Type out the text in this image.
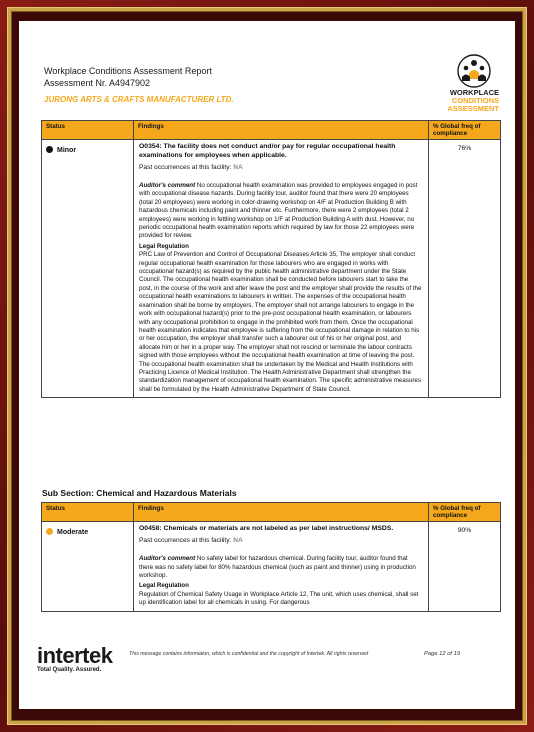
Workplace Conditions Assessment Report
Assessment Nr. A4947902
JURONG ARTS & CRAFTS MANUFACTURER LTD.
WORKPLACE
CONDITIONS
ASSESSMENT
Status	Findings	% Global freq of compliance
Minor	O0354: The facility does not conduct and/or pay for regular occupational health examinations for employees when applicable.
Past occurrences at this facility: NA
Auditor's comment No occupational health examination was provided to employees engaged in post with occupational disease hazards. During facility tour, auditor found that there were 20 employees (total 20 employees) were working in color-drawing workshop on 4/F at Production Building B with hazardous chemicals including paint and thinner etc. Furthermore, there were 2 employees (total 2 employees) were working in fettling workshop on 1/F at Production Building A with dust. However, no periodic occupational health examination reports which required by law for those 22 employees were provided for review.
Legal Regulation
PRC Law of Prevention and Control of Occupational Diseases Article 35, The employer shall conduct regular occupational health examination for those labourers who are engaged in works with occupational hazard(s) as required by the public health administrative department under the State Council. The occupational health examination shall be conducted before labourers start to take the post, in the course of the work and after leave the post and the employer shall provide the results of the occupational health examinations to labourers in written. The expenses of the occupational health examination shall be borne by employers. The employer shall not arrange labourers to engage in the work with occupational hazard(s) prior to the pre-post occupational health examination, or labourers with any occupational prohibition to engage in the prohibited work from them. Once the occupational health examination indicates that employee is suffering from the occupational damage in relation to his or her occupation, the employer shall transfer such a labourer out of his or her original post, and allocate him or her in a proper way. The employer shall not rescind or terminate the labour contracts signed with those employees without the occupational health examination at time of leaving the post. The occupational health examination shall be undertaken by the Medical and Health Institutions with Practicing Licence of Medical Institution. The Health Administrative Department shall strengthen the standardization management of occupational health examination. The specific administrative measures shall be formulated by the Health Administrative Department of State Council.	76%
Sub Section: Chemical and Hazardous Materials
Status	Findings	% Global freq of compliance
Moderate	O0458: Chemicals or materials are not labeled as per label instructions/ MSDS.
Past occurrences at this facility: NA
Auditor's comment No safety label for hazardous chemical. During facility tour, auditor found that there was no safety label for 80% hazardous chemical (such as paint and thinner) using in production workshop.
Legal Regulation
Regulation of Chemical Safety Usage in Workplace Article 12, The unit, which uses chemical, shall set up identification label for all chemicals in using. For dangerous	90%
intertek
Total Quality. Assured.
This message contains information, which is confidential and the copyright of Intertek. All rights reserved	Page 12 of 19
